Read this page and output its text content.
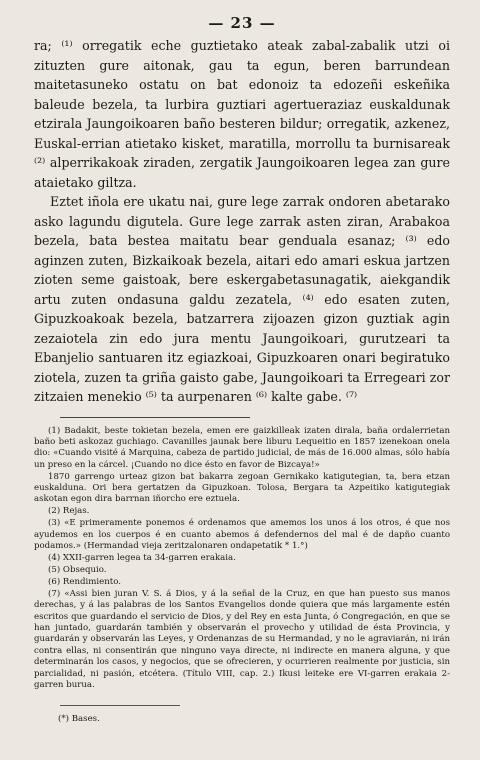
— 23 —

ra; ⁽¹⁾ orregatik eche guztietako ateak zabal-zabalik utzi oi zituzten gure aitonak, gau ta egun, beren barrundean maitetasuneko ostatu on bat edonoiz ta edozeñi eskeñika baleude bezela, ta lurbira guztiari agertueraziaz euskaldunak etzirala Jaungoikoaren baño besteren bildur; orregatik, azkenez, Euskal-errian atietako kisket, maratilla, morrollu ta burnisareak ⁽²⁾ alperrikakoak ziraden, zergatik Jaungoikoaren legea zan gure ataietako giltza.

Eztet iñola ere ukatu nai, gure lege zarrak ondoren abetarako asko lagundu digutela. Gure lege zarrak asten ziran, Arabakoa bezela, bata bestea maitatu bear genduala esanaz; ⁽³⁾ edo aginzen zuten, Bizkaikoak bezela, aitari edo amari eskua jartzen zioten seme gaistoak, bere eskergabetasunagatik, aiekgandik artu zuten ondasuna galdu zezatela, ⁽⁴⁾ edo esaten zuten, Gipuzkoakoak bezela, batzarrera zijoazen gizon guztiak agin zezaiotela zin edo jura mentu Jaungoikoari, gurutzeari ta Ebanjelio santuaren itz egiazkoai, Gipuzkoaren onari begiratuko ziotela, zuzen ta griña gaisto gabe, Jaungoikoari ta Erregeari zor zitzaien menekio ⁽⁵⁾ ta aurpenaren ⁽⁶⁾ kalte gabe. ⁽⁷⁾

(1) Badakit, beste tokietan bezela, emen ere gaizkilleak izaten dirala, baña ordalerrietan baño beti askozaz guchiago. Cavanilles jaunak bere liburu Lequeitio en 1857 izenekoan onela dio: «Cuando visité á Marquina, cabeza de partido judicial, de más de 16.000 almas, sólo había un preso en la cárcel. ¡Cuando no dice ésto en favor de Bizcaya!»

1870 garrengo urteaz gizon bat bakarra zegoan Gernikako katigutegian, ta, bera etzan euskalduna. Ori bera gertatzen da Gipuzkoan. Tolosa, Bergara ta Azpeitiko katigutegiak askotan egon dira barrnan iñorcho ere eztuela.

(2) Rejas.

(3) «E primeramente ponemos é ordenamos que amemos los unos á los otros, é que nos ayudemos en los cuerpos é en cuanto abemos á defendernos del mal é de dapño cuanto podamos.» (Hermandad vieja zeritzalonaren ondapetatik * 1.°)

(4) XXII-garren legea ta 34-garren erakaia.

(5) Obsequio.

(6) Rendimiento.

(7) «Assi bien juran V. S. á Dios, y á la señal de la Cruz, en que han puesto sus manos derechas, y á las palabras de los Santos Evangelios donde quiera que más largamente estén escritos que guardando el servicio de Dios, y del Rey en esta Junta, ó Congregación, en que se han juntado, guardarán también y observarán el provecho y utilidad de ésta Provincia, y guardarán y observarán las Leyes, y Ordenanzas de su Hermandad, y no le agraviarán, ni irán contra ellas, ni consentirán que ninguno vaya directe, ni indirecte en manera alguna, y que determinarán los casos, y negocios, que se ofrecieren, y ocurrieren realmente por justicia, sin parcialidad, ni pasión, etcétera. (Título VIII, cap. 2.) Ikusi leiteke ere VI-garren erakaia 2-garren burua.

(*) Bases.
